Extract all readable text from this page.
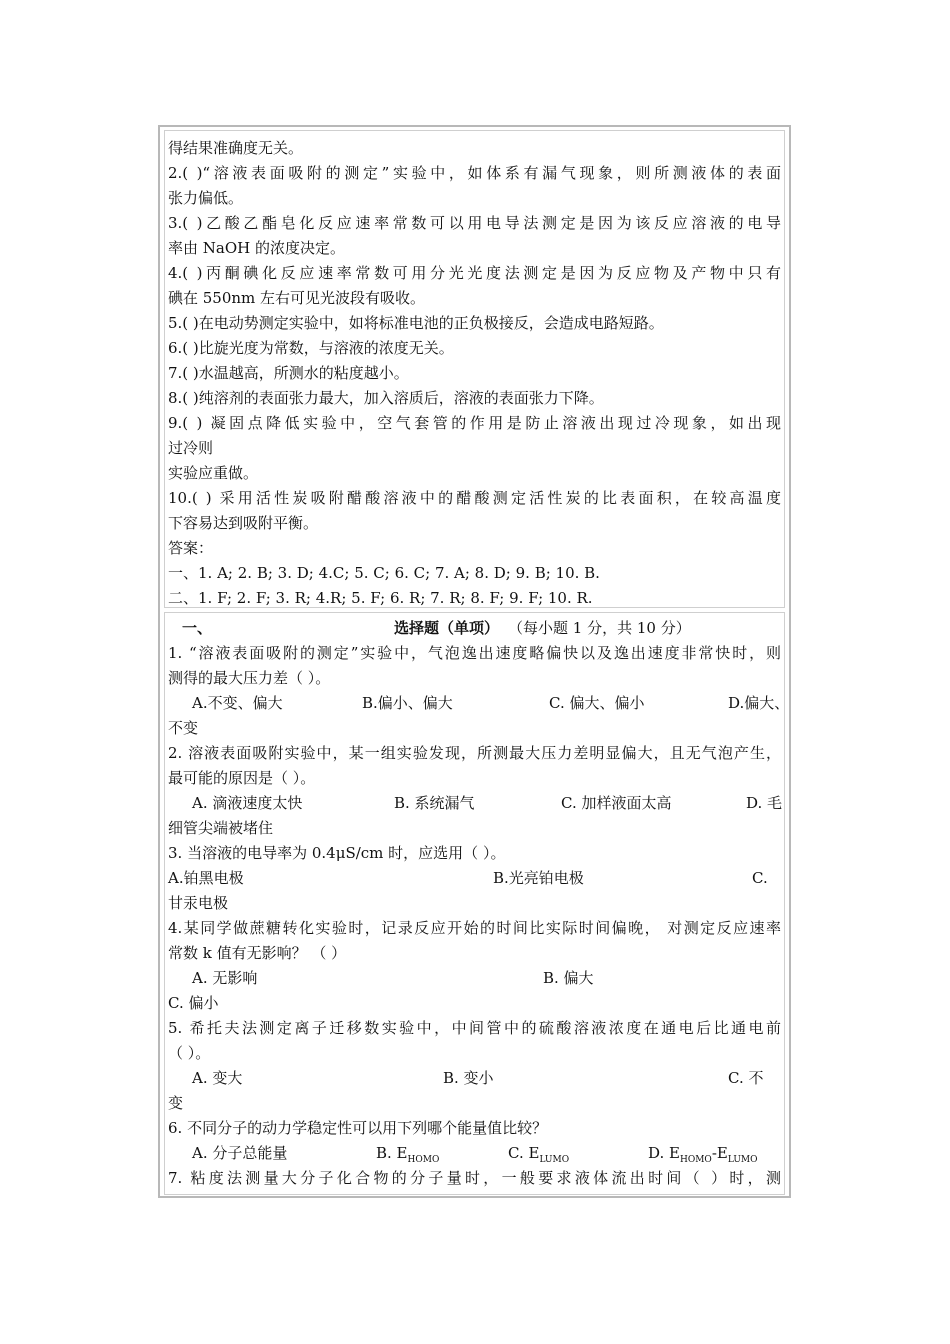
得结果准确度无关。
2.( )“溶液表面吸附的测定”实验中，如体系有漏气现象，则所测液体的表面
张力偏低。
3.( )乙酸乙酯皂化反应速率常数可以用电导法测定是因为该反应溶液的电导
率由 NaOH 的浓度决定。
4.( )丙酮碘化反应速率常数可用分光光度法测定是因为反应物及产物中只有
碘在 550nm 左右可见光波段有吸收。
5.( )在电动势测定实验中，如将标准电池的正负极接反，会造成电路短路。
6.( )比旋光度为常数，与溶液的浓度无关。
7.( )水温越高，所测水的粘度越小。
8.( )纯溶剂的表面张力最大，加入溶质后，溶液的表面张力下降。
9.( ) 凝固点降低实验中，空气套管的作用是防止溶液出现过冷现象，如出现
过冷则
实验应重做。
10.( ) 采用活性炭吸附醋酸溶液中的醋酸测定活性炭的比表面积，在较高温度
下容易达到吸附平衡。
答案：
一、1. A; 2. B; 3. D; 4.C; 5. C; 6. C; 7. A; 8. D; 9. B; 10. B.
二、1. F; 2. F; 3. R; 4.R; 5. F; 6. R; 7. R; 8. F; 9. F; 10. R.
一、	选择题（单项） （每小题 1 分，共 10 分）
1. “溶液表面吸附的测定”实验中，气泡逸出速度略偏快以及逸出速度非常快时，则
测得的最大压力差（ ）。
A.不变、偏大	B.偏小、偏大	C. 偏大、偏小	D.偏大、
不变
2. 溶液表面吸附实验中，某一组实验发现，所测最大压力差明显偏大，且无气泡产生，
最可能的原因是（ ）。
A. 滴液速度太快	B. 系统漏气	C. 加样液面太高	D. 毛
细管尖端被堵住
3. 当溶液的电导率为 0.4μS/cm 时，应选用（ ）。
A.铂黑电极	B.光亮铂电极	C.
甘汞电极
4.某同学做蔗糖转化实验时，记录反应开始的时间比实际时间偏晚， 对测定反应速率
常数 k 值有无影响？ （ ）
A. 无影响	B. 偏大
C. 偏小
5. 希托夫法测定离子迁移数实验中，中间管中的硫酸溶液浓度在通电后比通电前
（ ）。
A. 变大	B. 变小	C. 不
变
6. 不同分子的动力学稳定性可以用下列哪个能量值比较？
A. 分子总能量	B. $E_{HOMO}$	C. $E_{LUMO}$	D. $E_{HOMO}-E_{LUMO}$
7. 粘度法测量大分子化合物的分子量时，一般要求液体流出时间（ ）时，测
